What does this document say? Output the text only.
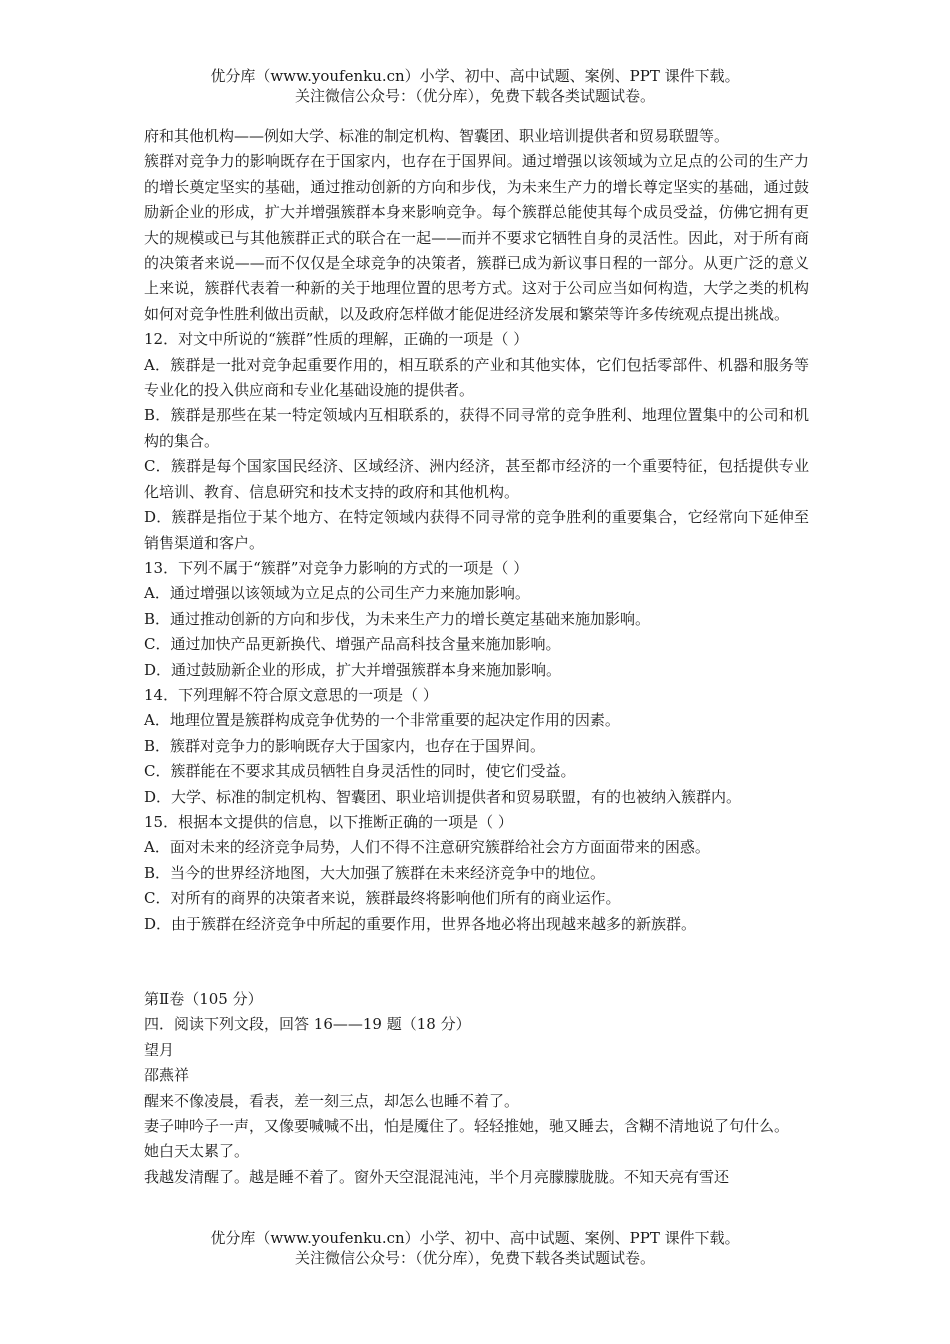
优分库（www.youfenku.cn）小学、初中、高中试题、案例、PPT 课件下载。
关注微信公众号：（优分库），免费下载各类试题试卷。

府和其他机构——例如大学、标准的制定机构、智囊团、职业培训提供者和贸易联盟等。

簇群对竞争力的影响既存在于国家内，也存在于国界间。通过增强以该领域为立足点的公司的生产力的增长奠定坚实的基础，通过推动创新的方向和步伐，为未来生产力的增长尊定坚实的基础，通过鼓励新企业的形成，扩大并增强簇群本身来影响竞争。每个簇群总能使其每个成员受益，仿佛它拥有更大的规模或已与其他簇群正式的联合在一起——而并不要求它牺牲自身的灵活性。因此，对于所有商的决策者来说——而不仅仅是全球竞争的决策者，簇群已成为新议事日程的一部分。从更广泛的意义上来说，簇群代表着一种新的关于地理位置的思考方式。这对于公司应当如何构造，大学之类的机构如何对竞争性胜利做出贡献，以及政府怎样做才能促进经济发展和繁荣等许多传统观点提出挑战。

12．对文中所说的“簇群”性质的理解，正确的一项是（ ）

A．簇群是一批对竞争起重要作用的，相互联系的产业和其他实体，它们包括零部件、机器和服务等专业化的投入供应商和专业化基础设施的提供者。

B．簇群是那些在某一特定领域内互相联系的，获得不同寻常的竞争胜利、地理位置集中的公司和机构的集合。

C．簇群是每个国家国民经济、区域经济、洲内经济，甚至都市经济的一个重要特征，包括提供专业化培训、教育、信息研究和技术支持的政府和其他机构。

D．簇群是指位于某个地方、在特定领域内获得不同寻常的竞争胜利的重要集合，它经常向下延伸至销售渠道和客户。

13．下列不属于“簇群”对竞争力影响的方式的一项是（ ）

A．通过增强以该领域为立足点的公司生产力来施加影响。

B．通过推动创新的方向和步伐，为未来生产力的增长奠定基础来施加影响。

C．通过加快产品更新换代、增强产品高科技含量来施加影响。

D．通过鼓励新企业的形成，扩大并增强簇群本身来施加影响。

14．下列理解不符合原文意思的一项是（ ）

A．地理位置是簇群构成竞争优势的一个非常重要的起决定作用的因素。

B．簇群对竞争力的影响既存大于国家内，也存在于国界间。

C．簇群能在不要求其成员牺牲自身灵活性的同时，使它们受益。

D．大学、标准的制定机构、智囊团、职业培训提供者和贸易联盟，有的也被纳入簇群内。

15．根据本文提供的信息，以下推断正确的一项是（ ）

A．面对未来的经济竞争局势，人们不得不注意研究簇群给社会方方面面带来的困惑。

B．当今的世界经济地图，大大加强了簇群在未来经济竞争中的地位。

C．对所有的商界的决策者来说，簇群最终将影响他们所有的商业运作。

D．由于簇群在经济竞争中所起的重要作用，世界各地必将出现越来越多的新族群。

第Ⅱ卷（105 分）

四．阅读下列文段，回答 16——19 题（18 分）

望月

邵燕祥

醒来不像凌晨，看表，差一刻三点，却怎么也睡不着了。

妻子呻吟子一声，又像要喊喊不出，怕是魇住了。轻轻推她，驰又睡去，含糊不清地说了句什么。

她白天太累了。

我越发清醒了。越是睡不着了。窗外天空混混沌沌，半个月亮朦朦胧胧。不知天亮有雪还

优分库（www.youfenku.cn）小学、初中、高中试题、案例、PPT 课件下载。
关注微信公众号：（优分库），免费下载各类试题试卷。
